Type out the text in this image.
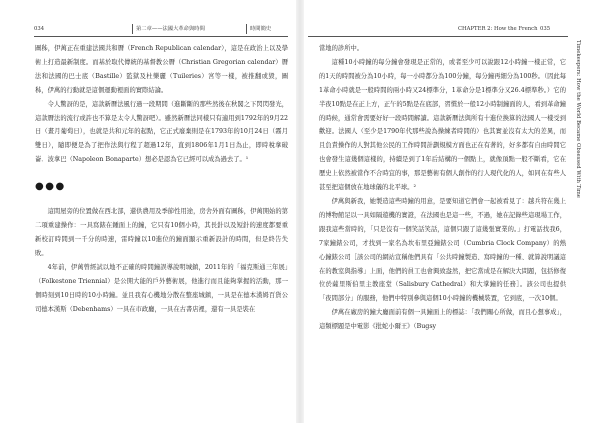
034	第二章——法國大革命與時間	時間簡史

圖秭，伊萬正在重建法國共和曆（French Republican calendar），這是在政治上以及學術上打造最新制度。而基於取代傳統的基督教公曆（Christian Gregorian calendar）曆法和法國的巴士底（Bastille）監獄及杜樂麗（Tuileries）宮等一樣，被推翻或毀，圖秭，伊萬的行動就是這個運動裡面的實際結論。

令人驚訝的是，這款新曆法風行過一段期間（進斷斷的那些然後在秋閣之下閃閃發光，這款曆法的流行或許也不算是太令人驚訝吧）。雖然新曆法同樣只有適用到1792年的9月22日（畫月葡萄日），也就是共和元年的起點，它正式廢棄則是在1793年的10月24日（霧月雙日），隨即便是為了把作法與行程了超過12年，直到1806年1月1日為止，即時稅拿破崙．波拿巴（Napoleon Bonaparte）想必是認為它已經可以成為過去了。¹

●●●

這間屋旁的位置做在西北部，還供農用及季節性用途，房舍外面有圖秭，伊萬開始的第二項重建操作：一具寫錶在鍾面上的鐘，它只有10個小時，其長針以及短針的速度都要重新校訂時間到一千分的時速，雷時鐘以10進位的鐘面顯示重新設計的時間，但是終告失敗。

4年前，伊萬曾經試以地不正確的時間鐘誤導說明城鎮，2011年的「福克斯通三年展」（Folkestone Triennial）是公開大能的戶外藝術展，他進行而且能夠掌握的活動，那一個時刻到10日時的10小時鐘。並且我有心機地分散在整座城鎮，一具是在德本漢姆百貨公司德本漢斯（Debenhams）一具在市政廳，一具在古書店裡，還有一具是裝在

CHAPTER 2: How the French 035

當地的診所中。

這種10小時鐘的每分鐘會發現是正常的，或者至少可以說跟12小時鐘一樣正常，它的1天的時間被分為10小時，每一小時都分為100分鐘，每分鐘再細分為100秒。（因此每1革命小時就是一般時間的兩小時又24標準分，1革命分是1標準分又26.4標準秒。）它的半夜10點是在正上方，正午的5點是在底部，習慣於一般12小時制鐘面的人，看到革命鐘的時候，通常會需要好好一段時間解讀。這款新曆法與所有十進位換算的法國人一樣受到歡迎。法國人（至少是1790年代那些說為操練者時間的）也其實並沒有太大的差異，而且負責操作的人對其他公民的工作時間計劃規模方面也正在有著的，好多都有自由時間它也會發生這幾個這樣的，持續是到了1年后結構的一個點上，就像頂點一般不斷看，它在歷史上依然被當作不合時宜的事，那是藝術有個人創作的行人現代化的人，如同在有些人甚至把這個放在地球儀的北平球。²

伊萬與新我，她製造這些時鐘的用意，是要知道它們會一起被看見了：越兵符在幾上的博物館足以一具如隔遊機的實證，在法國也是這一些，不過，她在記錄些這現場工作，跟我這些當時的，「只是沒有一個笑話笑話，這個只跟了這幾張實業的。」打電話找我6，7家鐘錶公司，才找到一家名為坎布里亞鐘錶公司（Cumbria Clock Company）的熱心鐘錶公司［該公司的網站宣稱他們具有「公共時鐘製造、寫時鐘的一種、就算說明議這在的教室與指導」上面，他們的員工也會興致盎然，把它當成是在解決大問題，包括修復位於薩里斯伯里主教座堂（Salisbury Cathedral）和大掌鐘的任務］。該公司也提供「夜間部分」的服務，他們中特別參與這個10小時鐘的機械裝置，它到底，一次10個。

伊萬在廠房的鐘大廳面前有個一具鐘面上的標誌：「我們關心所做，而且心想事成」，這類標題是中電影《批蛇小爾王》（Bugsy

Timekeepers: How the World Became Obsessed With Time
